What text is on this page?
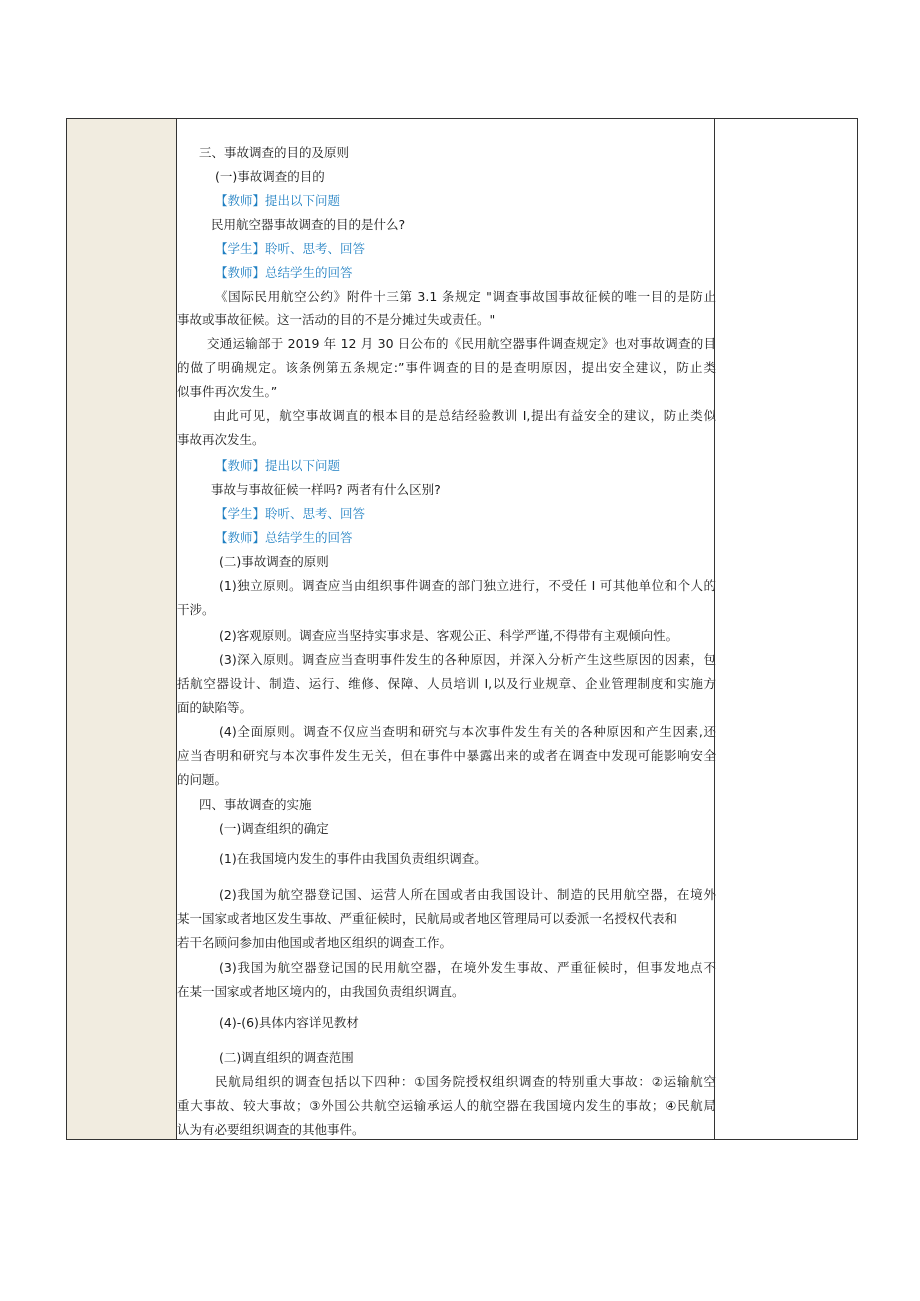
三、事故调查的目的及原则
(一)事故调查的目的
【教师】提出以下问题
民用航空器事故调查的目的是什么?
【学生】聆听、思考、回答
【教师】总结学生的回答
《国际民用航空公约》附件十三第 3.1 条规定 "调查事故国事故征候的唯一目的是防止
事故或事故征候。这一活动的目的不是分摊过失或责任。"
交通运输部于 2019 年 12 月 30 日公布的《民用航空器事件调查规定》也对事故调查的目
的做了明确规定。该条例第五条规定:”事件调查的目的是查明原因，提出安全建议，防止类
似事件再次发生。”
由此可见，航空事故调直的根本目的是总结经验教训 I,提出有益安全的建议，防止类似
事故再次发生。
【教师】提出以下问题
事故与事故征候一样吗? 两者有什么区别?
【学生】聆听、思考、回答
【教师】总结学生的回答
(二)事故调查的原则
(1)独立原则。调查应当由组织事件调查的部门独立进行，不受任 I 可其他单位和个人的
干涉。
(2)客观原则。调查应当坚持实事求是、客观公正、科学严谨,不得带有主观倾向性。
(3)深入原则。调查应当查明事件发生的各种原因，并深入分析产生这些原因的因素，包
括航空器设计、制造、运行、维修、保障、人员培训 I,以及行业规章、企业管理制度和实施方
面的缺陷等。
(4)全面原则。调查不仅应当查明和研究与本次事件发生有关的各种原因和产生因素,还
应当杳明和研究与本次事件发生无关，但在事件中暴露出来的或者在调查中发现可能影响安全
的问题。
四、事故调查的实施
(一)调查组织的确定
(1)在我国境内发生的事件由我国负责组织调查。
(2)我国为航空器登记国、运营人所在国或者由我国设计、制造的民用航空器，在境外
某一国家或者地区发生事故、严重征候时，民航局或者地区管理局可以委派一名授权代表和
若干名顾问参加由他国或者地区组织的调查工作。
(3)我国为航空器登记国的民用航空器，在境外发生事故、严重征候时，但事发地点不
在某一国家或者地区境内的，由我国负责组织调直。
(4)-(6)具体内容详见教材
(二)调直组织的调查范围
民航局组织的调查包括以下四种：①国务院授权组织调查的特别重大事故：②运输航空
重大事故、较大事故；③外国公共航空运输承运人的航空器在我国境内发生的事故；④民航局
认为有必要组织调查的其他事件。
